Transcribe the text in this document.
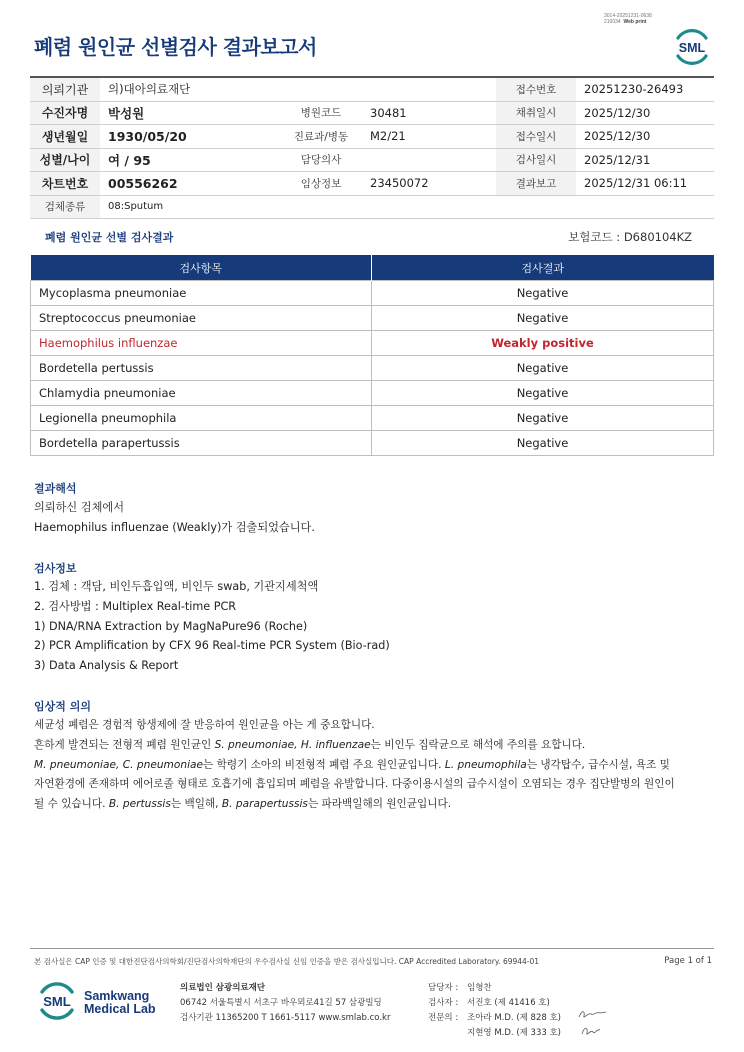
3014-20251231-0638
210034 Web print
폐렴 원인균 선별검사 결과보고서	SML
의뢰기관	의)대아의료재단			접수번호	20251230-26493
수진자명	박성원	병원코드	30481	채취일시	2025/12/30
생년월일	1930/05/20	진료과/병동	M2/21	접수일시	2025/12/30
성별/나이	여 / 95	담당의사		검사일시	2025/12/31
차트번호	00556262	임상정보	23450072	결과보고	2025/12/31 06:11
검체종류	08:Sputum				
폐렴 원인균 선별 검사결과	보험코드 : D680104KZ
검사항목	검사결과
Mycoplasma pneumoniae	Negative
Streptococcus pneumoniae	Negative
Haemophilus influenzae	Weakly positive
Bordetella pertussis	Negative
Chlamydia pneumoniae	Negative
Legionella pneumophila	Negative
Bordetella parapertussis	Negative
결과해석
의뢰하신 검체에서
Haemophilus influenzae (Weakly)가 검출되었습니다.
검사정보
1. 검체 : 객담, 비인두흡입액, 비인두 swab, 기관지세척액
2. 검사방법 : Multiplex Real-time PCR
1) DNA/RNA Extraction by MagNaPure96 (Roche)
2) PCR Amplification by CFX 96 Real-time PCR System (Bio-rad)
3) Data Analysis & Report
임상적 의의
세균성 폐렴은 경험적 항생제에 잘 반응하여 원인균을 아는 게 중요합니다.
흔하게 발견되는 전형적 폐렴 원인균인 S. pneumoniae, H. influenzae는 비인두 집락균으로 해석에 주의를 요합니다.
M. pneumoniae, C. pneumoniae는 학령기 소아의 비전형적 폐렴 주요 원인균입니다. L. pneumophila는 냉각탑수, 급수시설, 욕조 및
자연환경에 존재하며 에어로졸 형태로 호흡기에 흡입되며 폐렴을 유발합니다. 다중이용시설의 급수시설이 오염되는 경우 집단발병의 원인이
될 수 있습니다. B. pertussis는 백일해, B. parapertussis는 파라백일해의 원인균입니다.
본 검사실은 CAP 인증 및 대한진단검사의학회/진단검사의학재단의 우수검사실 신임 인증을 받은 검사실입니다. CAP Accredited Laboratory. 69944-01	Page 1 of 1
SML Samkwang
Medical Lab
의료법인 삼광의료재단
06742 서울특별시 서초구 바우뫼로41길 57 삼광빌딩
검사기관 11365200 T 1661-5117 www.smlab.co.kr
담당자 : 임형찬
검사자 : 서진호 (제 41416 호)
전문의 : 조아라 M.D. (제 828 호)
지현영 M.D. (제 333 호)
